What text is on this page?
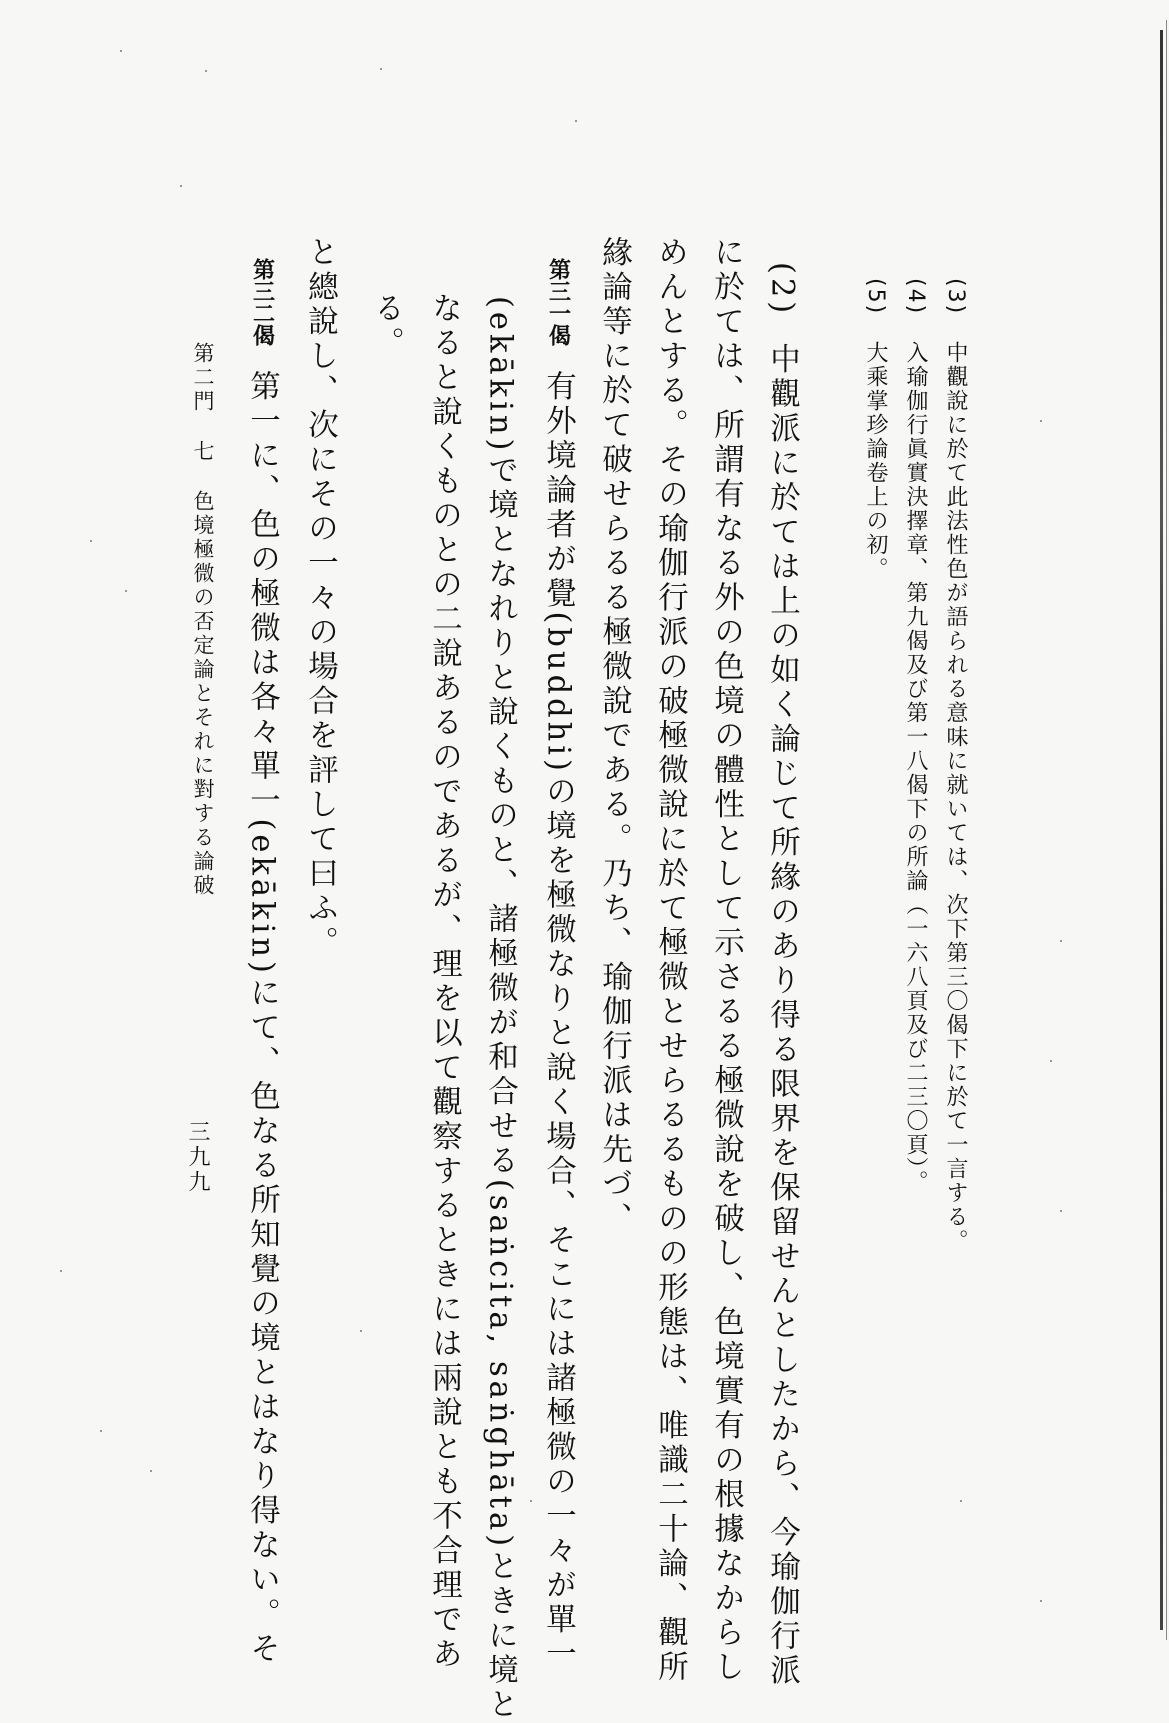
(3)中觀說に於て此法性色が語られる意味に就いては、次下第三〇偈下に於て一言する。
(4)入瑜伽行眞實決擇章、第九偈及び第一八偈下の所論（一六八頁及び二三〇頁）。
(5)大乘掌珍論卷上の初。
(2)中觀派に於ては上の如く論じて所緣のあり得る限界を保留せんとしたから、今瑜伽行派
に於ては、所謂有なる外の色境の體性として示さるる極微說を破し、色境實有の根據なからし
めんとする。その瑜伽行派の破極微說に於て極微とせらるるものの形態は、唯識二十論、觀所
緣論等に於て破せらるる極微說である。乃ち、瑜伽行派は先づ、
第三一偈有外境論者が覺(buddhi)の境を極微なりと說く場合、そこには諸極微の一々が單一
(ekākin)で境となれりと說くものと、諸極微が和合せる(saṅcita, saṅghāta)ときに境と
なると說くものとの二說あるのであるが、理を以て觀察するときには兩說とも不合理であ
る。
と總說し、次にその一々の場合を評して曰ふ。
第三二偈第一に、色の極微は各々單一(ekākin)にて、色なる所知覺の境とはなり得ない。そ
第二門七色境極微の否定論とそれに對する論破
三九九
